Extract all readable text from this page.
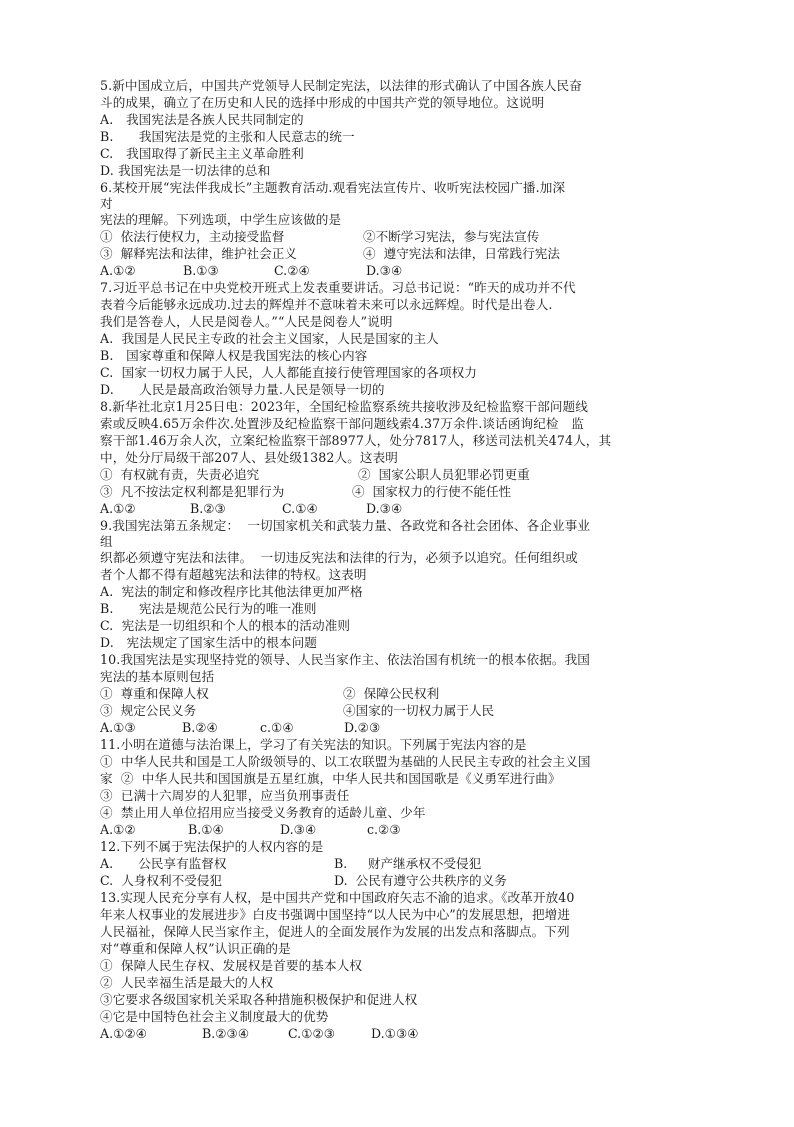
5.新中国成立后，中国共产党领导人民制定宪法，以法律的形式确认了中国各族人民奋
斗的成果，确立了在历史和人民的选择中形成的中国共产党的领导地位。这说明
A.　我国宪法是各族人民共同制定的
B.　　我国宪法是党的主张和人民意志的统一
C.　我国取得了新民主主义革命胜利
D. 我国宪法是一切法律的总和
6.某校开展“宪法伴我成长”主题教育活动.观看宪法宣传片、收听宪法校园广播.加深
对
宪法的理解。下列选项，中学生应该做的是

①  依法行使权力，主动接受监督

	②不断学习宪法，参与宪法宣传

③  解释宪法和法律，维护社会正义

	④  遵守宪法和法律，日常践行宪法

A.①②

	B.①③

	C.②④

	D.③④

7.习近平总书记在中央党校开班式上发表重要讲话。习总书记说：“昨天的成功并不代
表着今后能够永远成功.过去的辉煌并不意味着未来可以永远辉煌。时代是出卷人.
我们是答卷人，人民是阅卷人。”“人民是阅卷人”说明
A.  我国是人民民主专政的社会主义国家，人民是国家的主人
B.　国家尊重和保障人权是我国宪法的核心内容
C.  国家一切权力属于人民，人人都能直接行使管理国家的各项权力
D.　　人民是最高政治领导力量.人民是领导一切的
8.新华社北京1月25日电：2023年，全国纪检监察系统共接收涉及纪检监察干部问题线
索或反映4.65万余件次.处置涉及纪检监察干部问题线索4.37万余件.谈话函询纪检　监
察干部1.46万余人次，立案纪检监察干部8977人，处分7817人，移送司法机关474人，其
中，处分厅局级干部207人、县处级1382人。这表明

①  有权就有责，失责必追究

	②  国家公职人员犯罪必罚更重

③  凡不按法定权利都是犯罪行为

	④  国家权力的行使不能任性

A.①②

	B.②③

	C.①④

	D.③④

9.我国宪法第五条规定：  一切国家机关和武装力量、各政党和各社会团体、各企业事业
组
织都必须遵守宪法和法律。  一切违反宪法和法律的行为，必须予以追究。任何组织或
者个人都不得有超越宪法和法律的特权。这表明
A.  宪法的制定和修改程序比其他法律更加严格
B.　　宪法是规范公民行为的唯一准则
C.  宪法是一切组织和个人的根本的活动准则
D.　宪法规定了国家生活中的根本问题
10.我国宪法是实现坚持党的领导、人民当家作主、依法治国有机统一的根本依据。我国
宪法的基本原则包括

①  尊重和保障人权

	②  保障公民权利

③  规定公民义务

	④国家的一切权力属于人民

A.①③

	B.②④

	c.①④

	D.②③

11.小明在道德与法治课上，学习了有关宪法的知识。下列属于宪法内容的是
①  中华人民共和国是工人阶级领导的、以工农联盟为基础的人民民主专政的社会主义国
家  ②  中华人民共和国国旗是五星红旗，中华人民共和国国歌是《义勇军进行曲》
③  已满十六周岁的人犯罪，应当负刑事责任
④  禁止用人单位招用应当接受义务教育的适龄儿童、少年

A.①②

	B.①④

	D.③④

	c.②③

12.下列不属于宪法保护的人权内容的是

A.　　公民享有监督权

	B.　  财产继承权不受侵犯

C.  人身权利不受侵犯

	D.  公民有遵守公共秩序的义务

13.实现人民充分享有人权，是中国共产党和中国政府矢志不渝的追求。《改革开放40
年来人权事业的发展进步》白皮书强调中国坚持“以人民为中心”的发展思想，把增进
人民福祉，保障人民当家作主，促进人的全面发展作为发展的出发点和落脚点。下列
对“尊重和保障人权”认识正确的是
①  保障人民生存权、发展权是首要的基本人权
②  人民幸福生活是最大的人权
③它要求各级国家机关采取各种措施积极保护和促进人权
④它是中国特色社会主义制度最大的优势

A.①②④

	B.②③④

	C.①②③

	D.①③④
